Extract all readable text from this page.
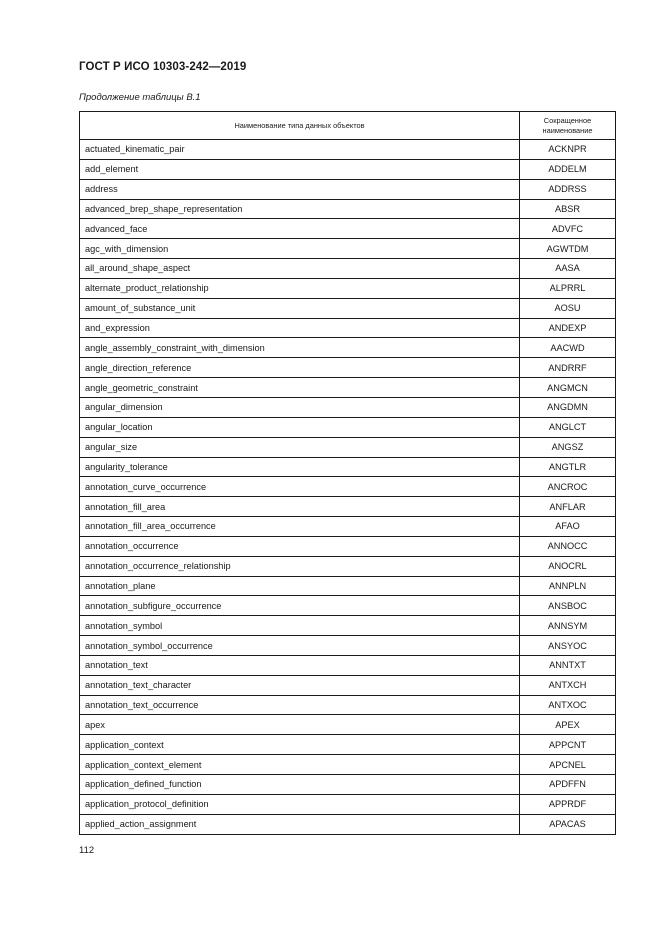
ГОСТ Р ИСО 10303-242—2019
Продолжение таблицы В.1
Наименование типа данных объектов	Сокращенное наименование
actuated_kinematic_pair	ACKNPR
add_element	ADDELM
address	ADDRSS
advanced_brep_shape_representation	ABSR
advanced_face	ADVFC
agc_with_dimension	AGWTDM
all_around_shape_aspect	AASA
alternate_product_relationship	ALPRRL
amount_of_substance_unit	AOSU
and_expression	ANDEXP
angle_assembly_constraint_with_dimension	AACWD
angle_direction_reference	ANDRRF
angle_geometric_constraint	ANGMCN
angular_dimension	ANGDMN
angular_location	ANGLCT
angular_size	ANGSZ
angularity_tolerance	ANGTLR
annotation_curve_occurrence	ANCROC
annotation_fill_area	ANFLAR
annotation_fill_area_occurrence	AFAO
annotation_occurrence	ANNOCC
annotation_occurrence_relationship	ANOCRL
annotation_plane	ANNPLN
annotation_subfigure_occurrence	ANSBOC
annotation_symbol	ANNSYM
annotation_symbol_occurrence	ANSYOC
annotation_text	ANNTXT
annotation_text_character	ANTXCH
annotation_text_occurrence	ANTXOC
apex	APEX
application_context	APPCNT
application_context_element	APCNEL
application_defined_function	APDFFN
application_protocol_definition	APPRDF
applied_action_assignment	APACAS
112
